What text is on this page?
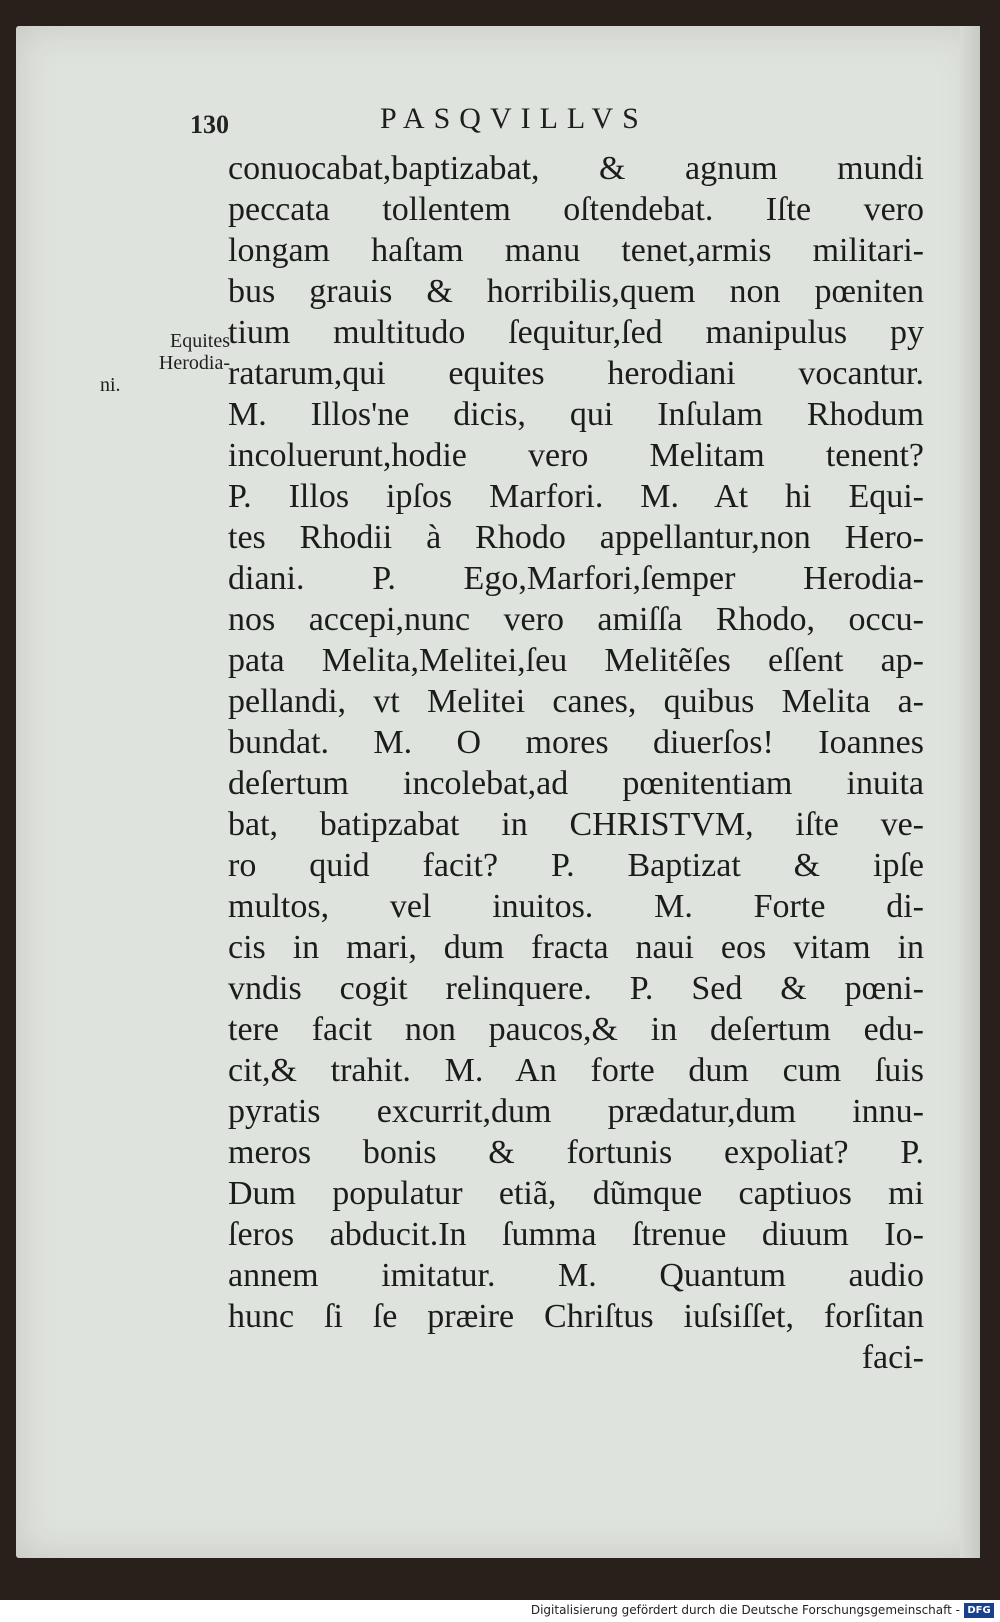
130	PASQVILLVS
Equites
Herodia-
ni.
conuocabat,baptizabat, & agnum mundi
peccata tollentem oſtendebat. Iſte vero
longam haſtam manu tenet,armis militari-
bus grauis & horribilis,quem non pœniten
tium multitudo ſequitur,ſed manipulus py
ratarum,qui equites herodiani vocantur.
M. Illos'ne dicis, qui Inſulam Rhodum
incoluerunt,hodie vero Melitam tenent?
P. Illos ipſos Marfori. M. At hi Equi-
tes Rhodii à Rhodo appellantur,non Hero-
diani. P. Ego,Marfori,ſemper Herodia-
nos accepi,nunc vero amiſſa Rhodo, occu-
pata Melita,Melitei,ſeu Melitẽſes eſſent ap-
pellandi, vt Melitei canes, quibus Melita a-
bundat. M. O mores diuerſos! Ioannes
deſertum incolebat,ad pœnitentiam inuita
bat, batipzabat in CHRISTVM, iſte ve-
ro quid facit? P. Baptizat & ipſe
multos, vel inuitos. M. Forte di-
cis in mari, dum fracta naui eos vitam in
vndis cogit relinquere. P. Sed & pœni-
tere facit non paucos,& in deſertum edu-
cit,& trahit. M. An forte dum cum ſuis
pyratis excurrit,dum prædatur,dum innu-
meros bonis & fortunis expoliat? P.
Dum populatur etiã, dũmque captiuos mi
ſeros abducit.In ſumma ſtrenue diuum Io-
annem imitatur. M. Quantum audio
hunc ſi ſe præire Chriſtus iuſsiſſet, forſitan
faci-
Digitalisierung gefördert durch die Deutsche Forschungsgemeinschaft - DFG
